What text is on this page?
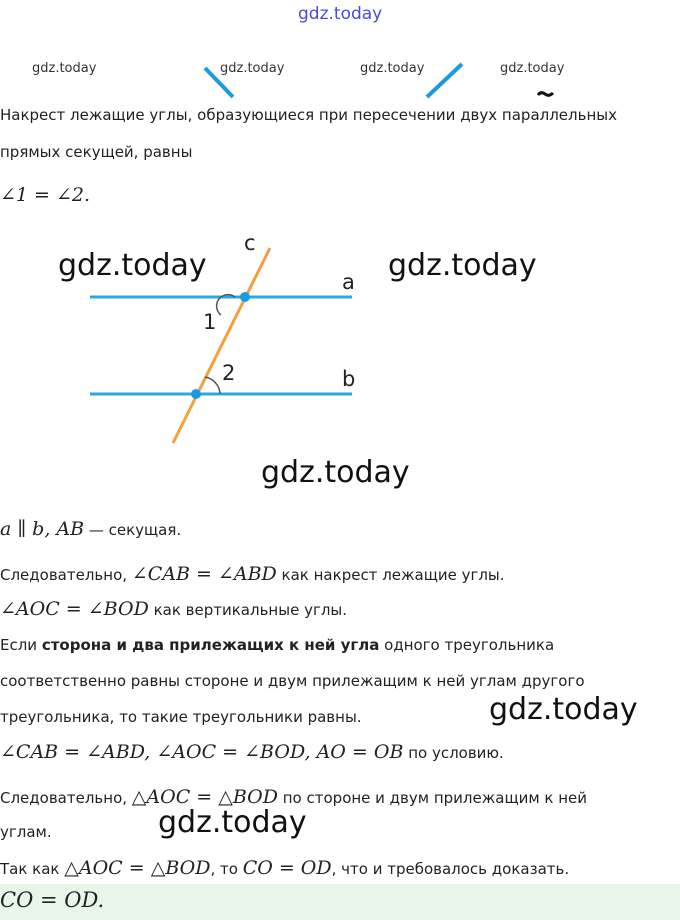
gdz.today
gdz.today	gdz.today	gdz.today	gdz.today
Накрест лежащие углы, образующиеся при пересечении двух параллельных
прямых секущей, равны
∠1 = ∠2.
c
a
b
1
2
gdz.today	gdz.today
gdz.today
a ∥ b, AB — секущая.
Следовательно, ∠CAB = ∠ABD как накрест лежащие углы.
∠AOC = ∠BOD как вертикальные углы.
Если сторона и два прилежащих к ней угла одного треугольника
соответственно равны стороне и двум прилежащим к ней углам другого
треугольника, то такие треугольники равны.	gdz.today
∠CAB = ∠ABD, ∠AOC = ∠BOD, AO = OB по условию.
Следовательно, △AOC = △BOD по стороне и двум прилежащим к ней
углам.	gdz.today
Так как △AOC = △BOD, то CO = OD, что и требовалось доказать.
CO = OD.
